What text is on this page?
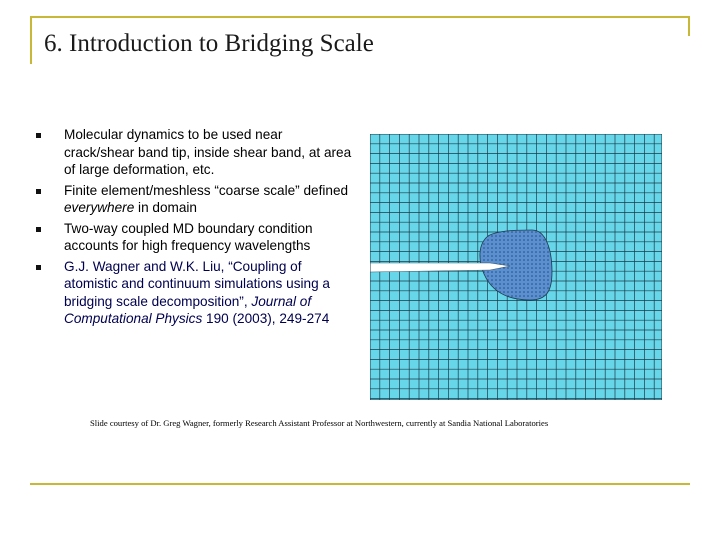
6. Introduction to Bridging Scale
Molecular dynamics to be used near crack/shear band tip, inside shear band, at area of large deformation, etc.
Finite element/meshless “coarse scale” defined everywhere in domain
Two-way coupled MD boundary condition accounts for high frequency wavelengths
G.J. Wagner and W.K. Liu, “Coupling of atomistic and continuum simulations using a bridging scale decomposition”, Journal of Computational Physics 190 (2003), 249-274
Slide courtesy of Dr. Greg Wagner, formerly Research Assistant Professor at Northwestern, currently at Sandia National Laboratories
